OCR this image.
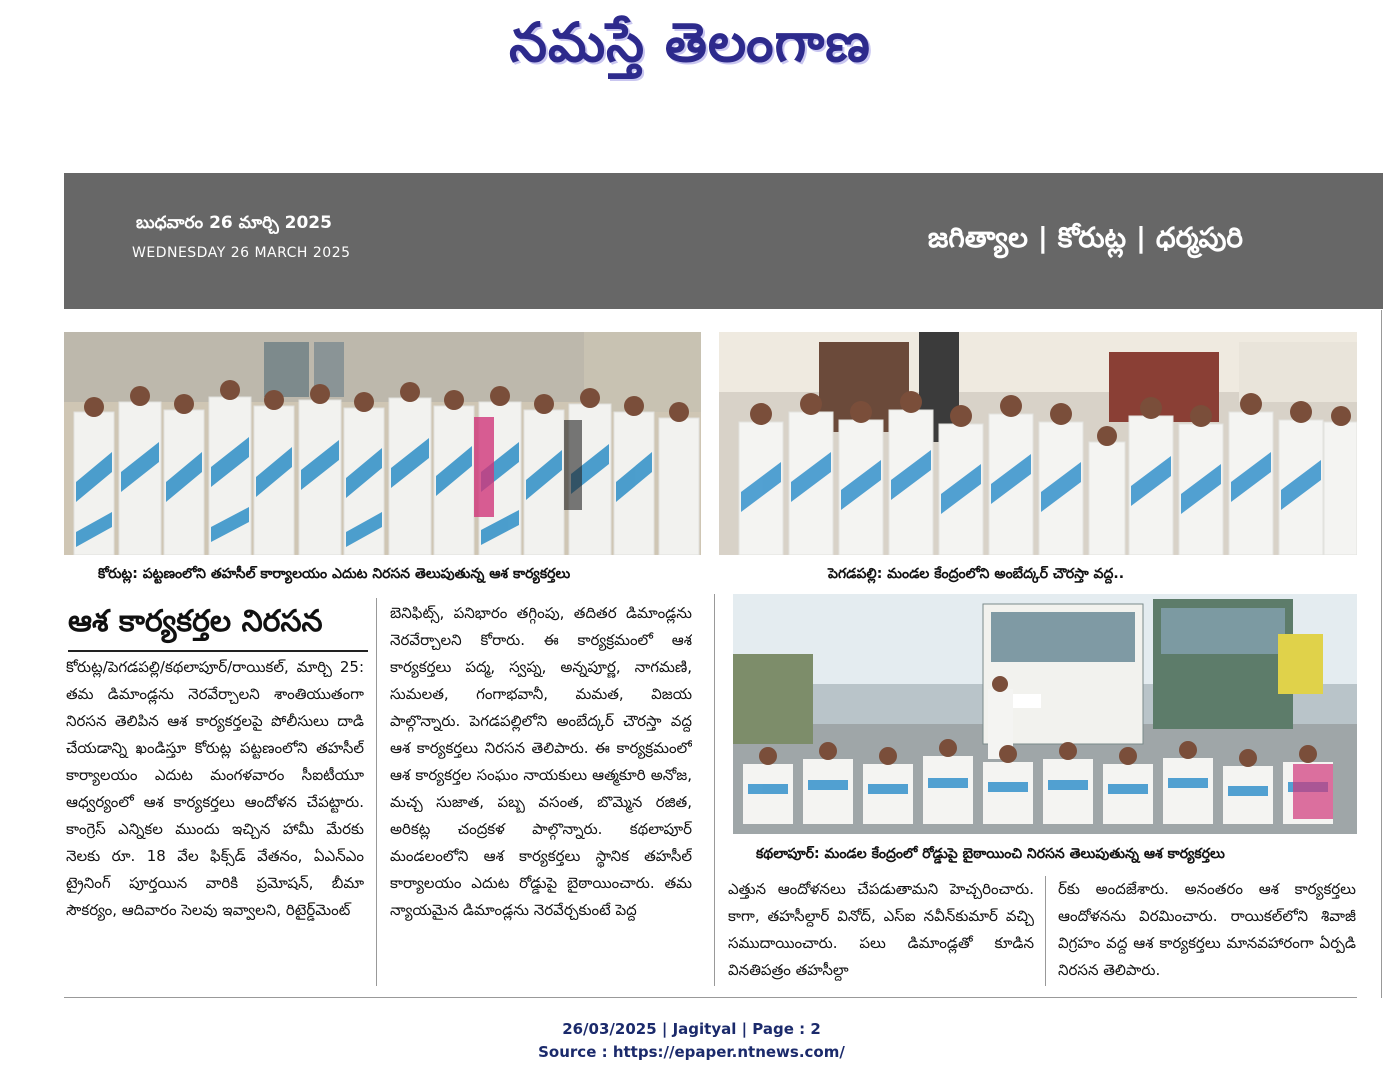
నమస్తే తెలంగాణ
బుధవారం 26 మార్చి 2025
WEDNESDAY 26 MARCH 2025	జగిత్యాల | కోరుట్ల | ధర్మపురి
కోరుట్ల: పట్టణంలోని తహసీల్ కార్యాలయం ఎదుట నిరసన తెలుపుతున్న ఆశ కార్యకర్తలు	పెగడపల్లి: మండల కేంద్రంలోని అంబేద్కర్ చౌరస్తా వద్ద..
కథలాపూర్: మండల కేంద్రంలో రోడ్డుపై బైఠాయించి నిరసన తెలుపుతున్న ఆశ కార్యకర్తలు
ఆశ కార్యకర్తల నిరసన

కోరుట్ల/పెగడపల్లి/కథలాపూర్/రాయికల్, మార్చి 25: తమ డిమాండ్లను నెరవేర్చాలని శాంతియుతంగా నిరసన తెలిపిన ఆశ కార్యకర్తలపై పోలీసులు దాడి చేయడాన్ని ఖండిస్తూ కోరుట్ల పట్టణంలోని తహసీల్ కార్యాలయం ఎదుట మంగళవారం సీఐటీయూ ఆధ్వర్యంలో ఆశ కార్యకర్తలు ఆందోళన చేపట్టారు. కాంగ్రెస్ ఎన్నికల ముందు ఇచ్చిన హామీ మేరకు నెలకు రూ. 18 వేల ఫిక్స్‌డ్ వేతనం, ఏఎన్‌ఎం ట్రైనింగ్ పూర్తయిన వారికి ప్రమోషన్, బీమా సౌకర్యం, ఆదివారం సెలవు ఇవ్వాలని, రిటైర్డ్‌మెంట్

బెనిఫిట్స్, పనిభారం తగ్గింపు, తదితర డిమాండ్లను నెరవేర్చాలని కోరారు. ఈ కార్యక్రమంలో ఆశ కార్యకర్తలు పద్మ, స్వప్న, అన్నపూర్ణ, నాగమణి, సుమలత, గంగాభవానీ, మమత, విజయ పాల్గొన్నారు. పెగడపల్లిలోని అంబేద్కర్ చౌరస్తా వద్ద ఆశ కార్యకర్తలు నిరసన తెలిపారు. ఈ కార్యక్రమంలో ఆశ కార్యకర్తల సంఘం నాయకులు ఆత్మకూరి అనోజ, మచ్చ సుజాత, పబ్బ వసంత, బొమ్మెన రజిత, అరికట్ల చంద్రకళ పాల్గొన్నారు. కథలాపూర్ మండలంలోని ఆశ కార్యకర్తలు స్థానిక తహసీల్ కార్యాలయం ఎదుట రోడ్డుపై బైఠాయించారు. తమ న్యాయమైన డిమాండ్లను నెరవేర్చకుంటే పెద్ద

ఎత్తున ఆందోళనలు చేపడుతామని హెచ్చరించారు. కాగా, తహసీల్దార్ వినోద్, ఎస్ఐ నవీన్‌కుమార్ వచ్చి సముదాయించారు. పలు డిమాండ్లతో కూడిన వినతిపత్రం తహసీల్దా

ర్‌కు అందజేశారు. అనంతరం ఆశ కార్యకర్తలు ఆందోళనను విరమించారు. రాయికల్‌లోని శివాజీ విగ్రహం వద్ద ఆశ కార్యకర్తలు మానవహారంగా ఏర్పడి నిరసన తెలిపారు.

26/03/2025 | Jagityal | Page : 2
Source : https://epaper.ntnews.com/
